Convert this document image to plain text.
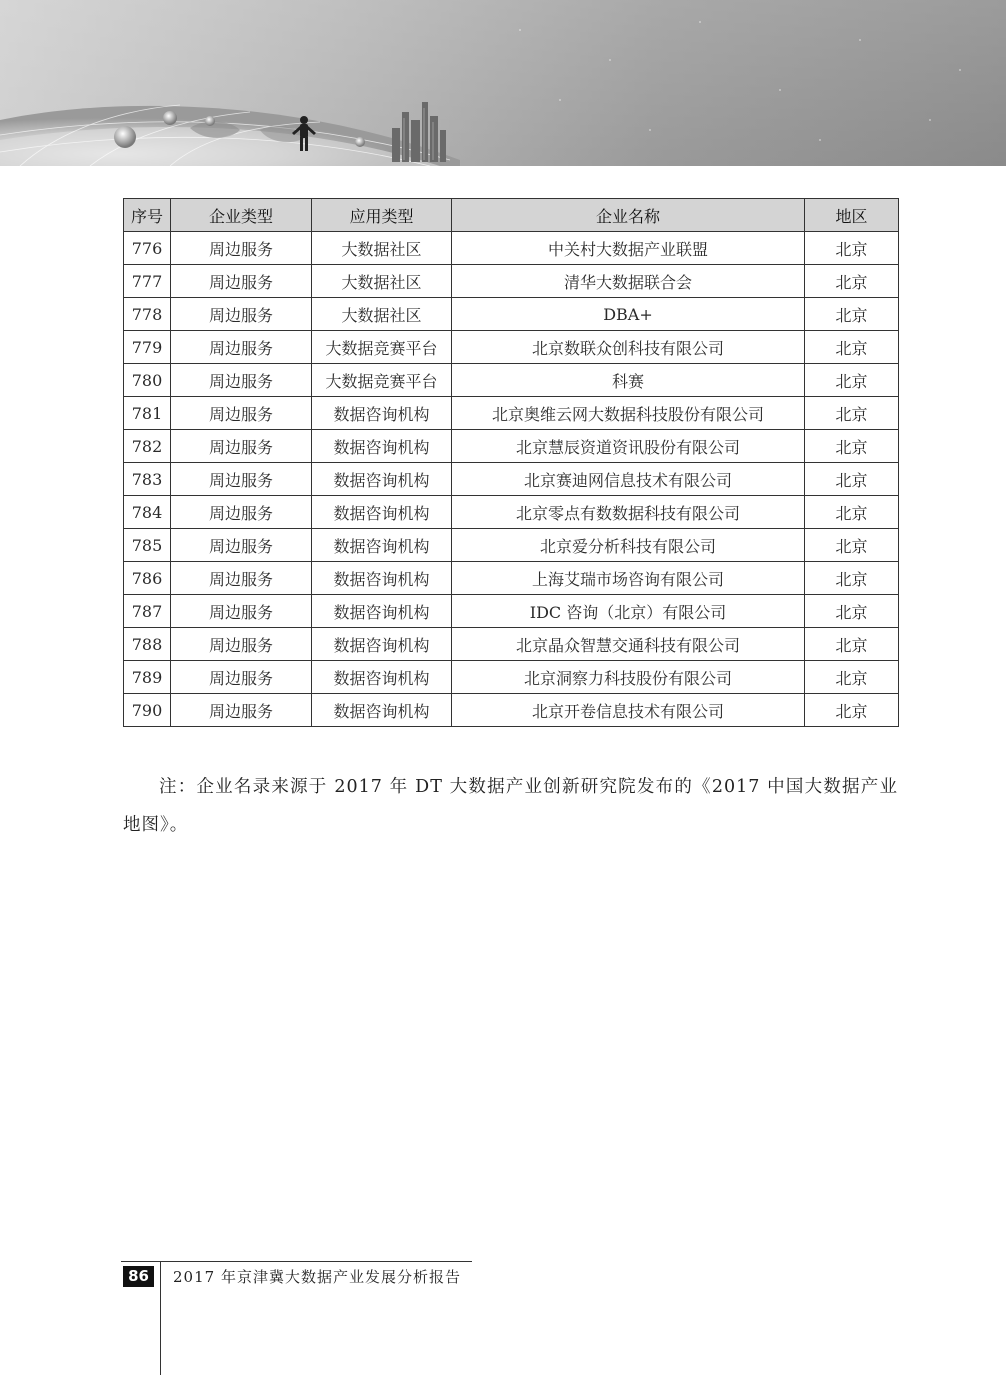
序号	企业类型	应用类型	企业名称	地区
776	周边服务	大数据社区	中关村大数据产业联盟	北京
777	周边服务	大数据社区	清华大数据联合会	北京
778	周边服务	大数据社区	DBA+	北京
779	周边服务	大数据竞赛平台	北京数联众创科技有限公司	北京
780	周边服务	大数据竞赛平台	科赛	北京
781	周边服务	数据咨询机构	北京奥维云网大数据科技股份有限公司	北京
782	周边服务	数据咨询机构	北京慧辰资道资讯股份有限公司	北京
783	周边服务	数据咨询机构	北京赛迪网信息技术有限公司	北京
784	周边服务	数据咨询机构	北京零点有数数据科技有限公司	北京
785	周边服务	数据咨询机构	北京爱分析科技有限公司	北京
786	周边服务	数据咨询机构	上海艾瑞市场咨询有限公司	北京
787	周边服务	数据咨询机构	IDC 咨询（北京）有限公司	北京
788	周边服务	数据咨询机构	北京晶众智慧交通科技有限公司	北京
789	周边服务	数据咨询机构	北京洞察力科技股份有限公司	北京
790	周边服务	数据咨询机构	北京开卷信息技术有限公司	北京

注：企业名录来源于 2017 年 DT 大数据产业创新研究院发布的《2017 中国大数据产业地图》。

86	2017 年京津冀大数据产业发展分析报告
